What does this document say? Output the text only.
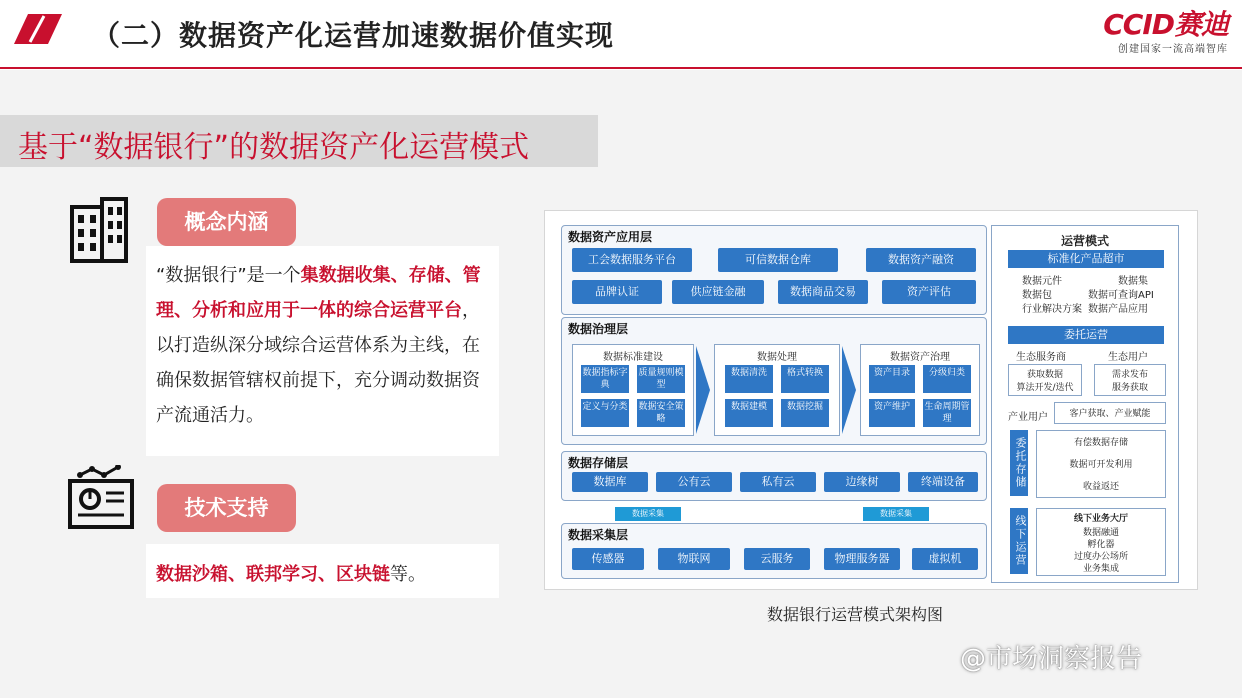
（二）数据资产化运营加速数据价值实现	CCID赛迪
创建国家一流高端智库
基于“数据银行”的数据资产化运营模式
概念内涵
“数据银行”是一个集数据收集、存储、管理、分析和应用于一体的综合运营平台，以打造纵深分域综合运营体系为主线，在确保数据管辖权前提下，充分调动数据资产流通活力。
技术支持
数据沙箱、联邦学习、区块链等。
数据资产应用层
工会数据服务平台	可信数据仓库	数据资产融资
品牌认证	供应链金融	数据商品交易	资产评估
数据治理层
数据标准建设
数据指标字典
质量规则模型
定义与分类 数据安全策略
数据处理
数据清洗	格式转换
数据建模	数据挖掘
数据资产治理
资产目录	分级归类
资产维护	生命周期管理
数据存储层
数据库	公有云	私有云	边缘树	终端设备
数据采集	数据采集
数据采集层
传感器	物联网	云服务	物理服务器	虚拟机
运营模式
标准化产品超市
数据元件	数据集
数据包	数据可查询API
行业解决方案 数据产品应用
委托运营
生态服务商	生态用户
获取数据
算法开发/迭代
需求发布
服务获取
产业用户	客户获取、产业赋能
委托存储	有偿数据存储
数据可开发利用
收益返还
线下运营	线下业务大厅
数据融通
孵化器
过度办公场所
业务集成
数据银行运营模式架构图
@市场洞察报告
